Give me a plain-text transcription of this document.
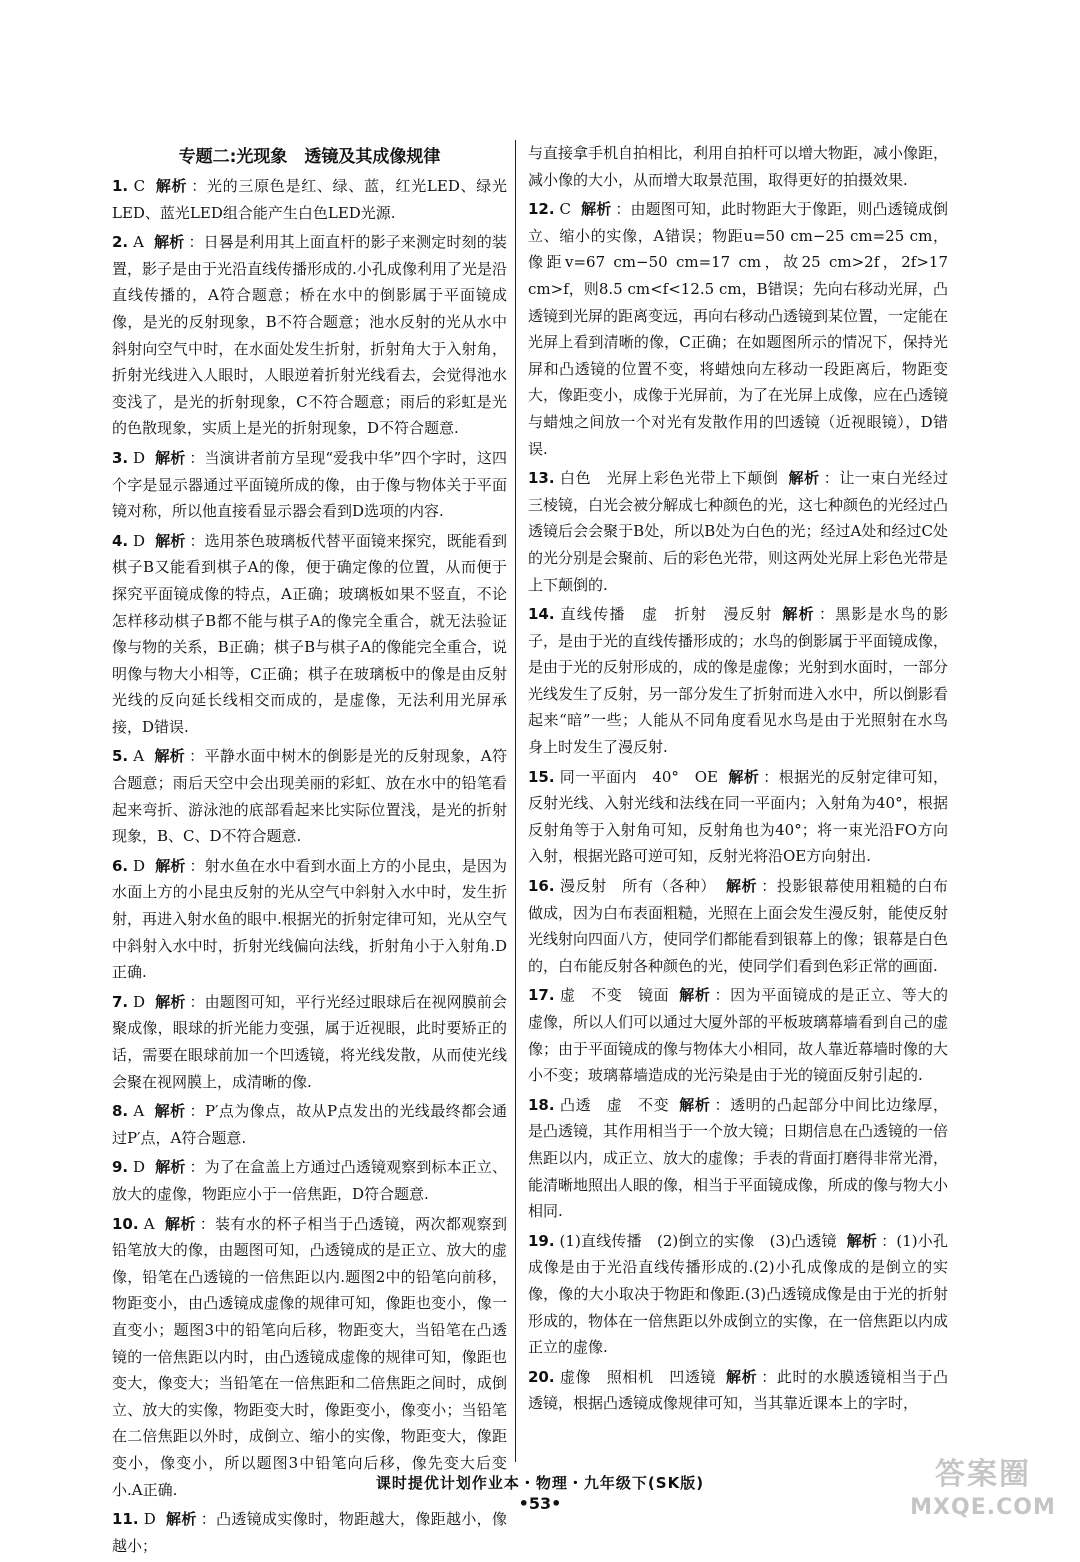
专题二:光现象　透镜及其成像规律
1. C 解析 ：光的三原色是红、绿、蓝，红光LED、绿光LED、蓝光LED组合能产生白色LED光源.
2. A 解析 ：日晷是利用其上面直杆的影子来测定时刻的装置，影子是由于光沿直线传播形成的.小孔成像利用了光是沿直线传播的，A符合题意；桥在水中的倒影属于平面镜成像，是光的反射现象，B不符合题意；池水反射的光从水中斜射向空气中时，在水面处发生折射，折射角大于入射角，折射光线进入人眼时，人眼逆着折射光线看去，会觉得池水变浅了，是光的折射现象，C不符合题意；雨后的彩虹是光的色散现象，实质上是光的折射现象，D不符合题意.
3. D 解析 ：当演讲者前方呈现“爱我中华”四个字时，这四个字是显示器通过平面镜所成的像，由于像与物体关于平面镜对称，所以他直接看显示器会看到D选项的内容.
4. D 解析 ：选用茶色玻璃板代替平面镜来探究，既能看到棋子B又能看到棋子A的像，便于确定像的位置，从而便于探究平面镜成像的特点，A正确；玻璃板如果不竖直，不论怎样移动棋子B都不能与棋子A的像完全重合，就无法验证像与物的关系，B正确；棋子B与棋子A的像能完全重合，说明像与物大小相等，C正确；棋子在玻璃板中的像是由反射光线的反向延长线相交而成的，是虚像，无法利用光屏承接，D错误.
5. A 解析 ：平静水面中树木的倒影是光的反射现象，A符合题意；雨后天空中会出现美丽的彩虹、放在水中的铅笔看起来弯折、游泳池的底部看起来比实际位置浅，是光的折射现象，B、C、D不符合题意.
6. D 解析 ：射水鱼在水中看到水面上方的小昆虫，是因为水面上方的小昆虫反射的光从空气中斜射入水中时，发生折射，再进入射水鱼的眼中.根据光的折射定律可知，光从空气中斜射入水中时，折射光线偏向法线，折射角小于入射角.D正确.
7. D 解析 ：由题图可知，平行光经过眼球后在视网膜前会聚成像，眼球的折光能力变强，属于近视眼，此时要矫正的话，需要在眼球前加一个凹透镜，将光线发散，从而使光线会聚在视网膜上，成清晰的像.
8. A 解析 ：P′点为像点，故从P点发出的光线最终都会通过P′点，A符合题意.
9. D 解析 ：为了在盒盖上方通过凸透镜观察到标本正立、放大的虚像，物距应小于一倍焦距，D符合题意.
10. A 解析 ：装有水的杯子相当于凸透镜，两次都观察到铅笔放大的像，由题图可知，凸透镜成的是正立、放大的虚像，铅笔在凸透镜的一倍焦距以内.题图2中的铅笔向前移，物距变小，由凸透镜成虚像的规律可知，像距也变小，像一直变小；题图3中的铅笔向后移，物距变大，当铅笔在凸透镜的一倍焦距以内时，由凸透镜成虚像的规律可知，像距也变大，像变大；当铅笔在一倍焦距和二倍焦距之间时，成倒立、放大的实像，物距变大时，像距变小，像变小；当铅笔在二倍焦距以外时，成倒立、缩小的实像，物距变大，像距变小，像变小，所以题图3中铅笔向后移，像先变大后变小.A正确.
11. D 解析 ：凸透镜成实像时，物距越大，像距越小，像越小；
与直接拿手机自拍相比，利用自拍杆可以增大物距，减小像距，减小像的大小，从而增大取景范围，取得更好的拍摄效果.
12. C 解析 ：由题图可知，此时物距大于像距，则凸透镜成倒立、缩小的实像，A错误；物距u=50 cm−25 cm=25 cm，像距v=67 cm−50 cm=17 cm，故25 cm>2f，2f>17 cm>f，则8.5 cm<f<12.5 cm，B错误；先向右移动光屏，凸透镜到光屏的距离变远，再向右移动凸透镜到某位置，一定能在光屏上看到清晰的像，C正确；在如题图所示的情况下，保持光屏和凸透镜的位置不变，将蜡烛向左移动一段距离后，物距变大，像距变小，成像于光屏前，为了在光屏上成像，应在凸透镜与蜡烛之间放一个对光有发散作用的凹透镜（近视眼镜），D错误.
13. 白色　光屏上彩色光带上下颠倒 解析 ：让一束白光经过三棱镜，白光会被分解成七种颜色的光，这七种颜色的光经过凸透镜后会会聚于B处，所以B处为白色的光；经过A处和经过C处的光分别是会聚前、后的彩色光带，则这两处光屏上彩色光带是上下颠倒的.
14. 直线传播　虚　折射　漫反射 解析 ：黑影是水鸟的影子，是由于光的直线传播形成的；水鸟的倒影属于平面镜成像，是由于光的反射形成的，成的像是虚像；光射到水面时，一部分光线发生了反射，另一部分发生了折射而进入水中，所以倒影看起来“暗”一些；人能从不同角度看见水鸟是由于光照射在水鸟身上时发生了漫反射.
15. 同一平面内　40°　OE 解析 ：根据光的反射定律可知，反射光线、入射光线和法线在同一平面内；入射角为40°，根据反射角等于入射角可知，反射角也为40°；将一束光沿FO方向入射，根据光路可逆可知，反射光将沿OE方向射出.
16. 漫反射　所有（各种） 解析 ：投影银幕使用粗糙的白布做成，因为白布表面粗糙，光照在上面会发生漫反射，能使反射光线射向四面八方，使同学们都能看到银幕上的像；银幕是白色的，白布能反射各种颜色的光，使同学们看到色彩正常的画面.
17. 虚　不变　镜面 解析 ：因为平面镜成的是正立、等大的虚像，所以人们可以通过大厦外部的平板玻璃幕墙看到自己的虚像；由于平面镜成的像与物体大小相同，故人靠近幕墙时像的大小不变；玻璃幕墙造成的光污染是由于光的镜面反射引起的.
18. 凸透　虚　不变 解析 ：透明的凸起部分中间比边缘厚，是凸透镜，其作用相当于一个放大镜；日期信息在凸透镜的一倍焦距以内，成正立、放大的虚像；手表的背面打磨得非常光滑，能清晰地照出人眼的像，相当于平面镜成像，所成的像与物大小相同.
19. (1)直线传播　(2)倒立的实像　(3)凸透镜 解析 ：(1)小孔成像是由于光沿直线传播形成的.(2)小孔成像成的是倒立的实像，像的大小取决于物距和像距.(3)凸透镜成像是由于光的折射形成的，物体在一倍焦距以外成倒立的实像，在一倍焦距以内成正立的虚像.
20. 虚像　照相机　凹透镜 解析 ：此时的水膜透镜相当于凸透镜，根据凸透镜成像规律可知，当其靠近课本上的字时，
课时提优计划作业本・物理・九年级下(SK版)
•53•
答案圈
MXQE.COM
